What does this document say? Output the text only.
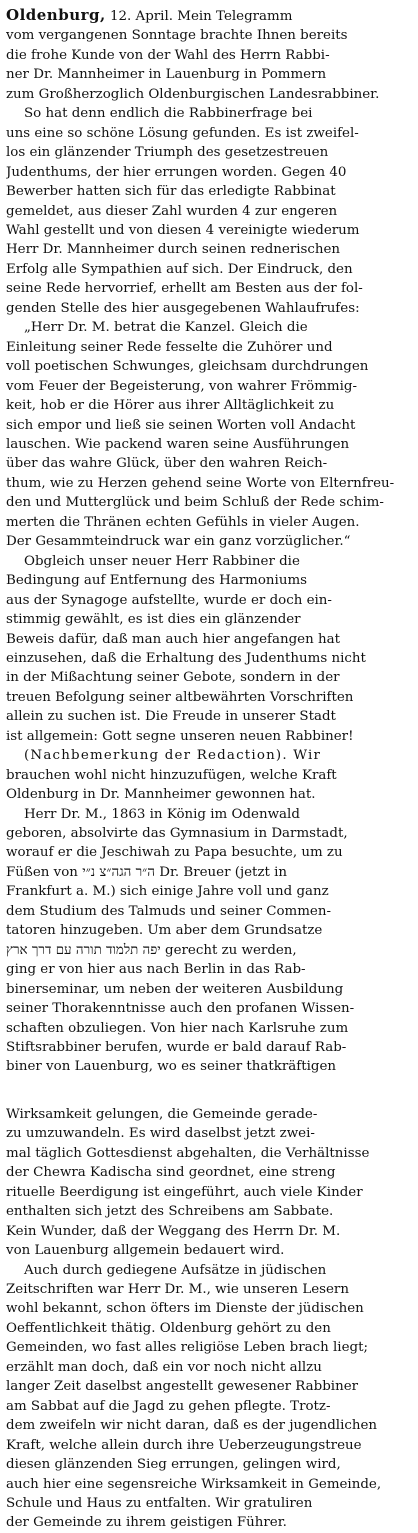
Oldenburg, 12. April. Mein Telegramm
vom vergangenen Sonntage brachte Ihnen bereits
die frohe Kunde von der Wahl des Herrn Rabbi-
ner Dr. Mannheimer in Lauenburg in Pommern
zum Großherzoglich Oldenburgischen Landesrabbiner.

So hat denn endlich die Rabbinerfrage bei
uns eine so schöne Lösung gefunden. Es ist zweifel-
los ein glänzender Triumph des gesetzestreuen
Judenthums, der hier errungen worden. Gegen 40
Bewerber hatten sich für das erledigte Rabbinat
gemeldet, aus dieser Zahl wurden 4 zur engeren
Wahl gestellt und von diesen 4 vereinigte wiederum
Herr Dr. Mannheimer durch seinen rednerischen
Erfolg alle Sympathien auf sich. Der Eindruck, den
seine Rede hervorrief, erhellt am Besten aus der fol-
genden Stelle des hier ausgegebenen Wahlaufrufes:

„Herr Dr. M. betrat die Kanzel. Gleich die
Einleitung seiner Rede fesselte die Zuhörer und
voll poetischen Schwunges, gleichsam durchdrungen
vom Feuer der Begeisterung, von wahrer Frömmig-
keit, hob er die Hörer aus ihrer Alltäglichkeit zu
sich empor und ließ sie seinen Worten voll Andacht
lauschen. Wie packend waren seine Ausführungen
über das wahre Glück, über den wahren Reich-
thum, wie zu Herzen gehend seine Worte von Elternfreu-
den und Mutterglück und beim Schluß der Rede schim-
merten die Thränen echten Gefühls in vieler Augen.
Der Gesammteindruck war ein ganz vorzüglicher.“

Obgleich unser neuer Herr Rabbiner die
Bedingung auf Entfernung des Harmoniums
aus der Synagoge aufstellte, wurde er doch ein-
stimmig gewählt, es ist dies ein glänzender
Beweis dafür, daß man auch hier angefangen hat
einzusehen, daß die Erhaltung des Judenthums nicht
in der Mißachtung seiner Gebote, sondern in der
treuen Befolgung seiner altbewährten Vorschriften
allein zu suchen ist. Die Freude in unserer Stadt
ist allgemein: Gott segne unseren neuen Rabbiner!

(Nachbemerkung der Redaction). Wir
brauchen wohl nicht hinzuzufügen, welche Kraft
Oldenburg in Dr. Mannheimer gewonnen hat.

Herr Dr. M., 1863 in König im Odenwald
geboren, absolvirte das Gymnasium in Darmstadt,
worauf er die Jeschiwah zu Papa besuchte, um zu
Füßen von ה״ר הגה״צ נ״י Dr. Breuer (jetzt in
Frankfurt a. M.) sich einige Jahre voll und ganz
dem Studium des Talmuds und seiner Commen-
tatoren hinzugeben. Um aber dem Grundsatze
יפה תלמוד תורה עם דרך ארץ gerecht zu werden,
ging er von hier aus nach Berlin in das Rab-
binerseminar, um neben der weiteren Ausbildung
seiner Thorakenntnisse auch den profanen Wissen-
schaften obzuliegen. Von hier nach Karlsruhe zum
Stiftsrabbiner berufen, wurde er bald darauf Rab-
biner von Lauenburg, wo es seiner thatkräftigen

Wirksamkeit gelungen, die Gemeinde gerade-
zu umzuwandeln. Es wird daselbst jetzt zwei-
mal täglich Gottesdienst abgehalten, die Verhältnisse
der Chewra Kadischa sind geordnet, eine streng
rituelle Beerdigung ist eingeführt, auch viele Kinder
enthalten sich jetzt des Schreibens am Sabbate.
Kein Wunder, daß der Weggang des Herrn Dr. M.
von Lauenburg allgemein bedauert wird.

Auch durch gediegene Aufsätze in jüdischen
Zeitschriften war Herr Dr. M., wie unseren Lesern
wohl bekannt, schon öfters im Dienste der jüdischen
Oeffentlichkeit thätig. Oldenburg gehört zu den
Gemeinden, wo fast alles religiöse Leben brach liegt;
erzählt man doch, daß ein vor noch nicht allzu
langer Zeit daselbst angestellt gewesener Rabbiner
am Sabbat auf die Jagd zu gehen pflegte. Trotz-
dem zweifeln wir nicht daran, daß es der jugendlichen
Kraft, welche allein durch ihre Ueberzeugungstreue
diesen glänzenden Sieg errungen, gelingen wird,
auch hier eine segensreiche Wirksamkeit in Gemeinde,
Schule und Haus zu entfalten. Wir gratuliren
der Gemeinde zu ihrem geistigen Führer.
